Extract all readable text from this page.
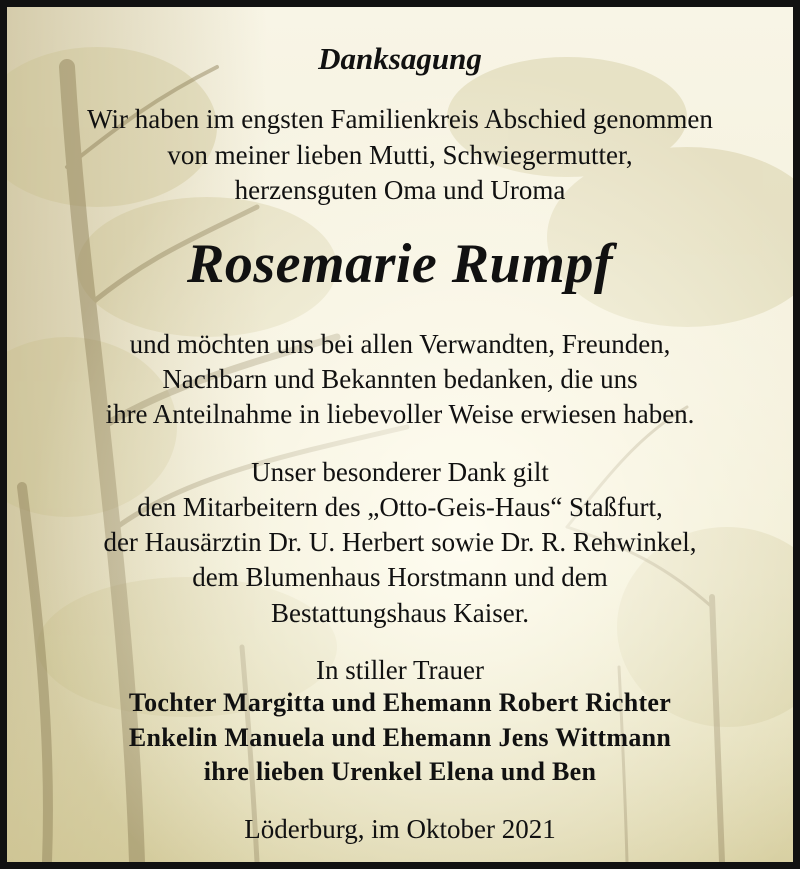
Danksagung
Wir haben im engsten Familienkreis Abschied genommen
von meiner lieben Mutti, Schwiegermutter,
herzensguten Oma und Uroma
Rosemarie Rumpf
und möchten uns bei allen Verwandten, Freunden,
Nachbarn und Bekannten bedanken, die uns
ihre Anteilnahme in liebevoller Weise erwiesen haben.
Unser besonderer Dank gilt
den Mitarbeitern des „Otto-Geis-Haus“ Staßfurt,
der Hausärztin Dr. U. Herbert sowie Dr. R. Rehwinkel,
dem Blumenhaus Horstmann und dem
Bestattungshaus Kaiser.
In stiller Trauer
Tochter Margitta und Ehemann Robert Richter
Enkelin Manuela und Ehemann Jens Wittmann
ihre lieben Urenkel Elena und Ben
Löderburg, im Oktober 2021
